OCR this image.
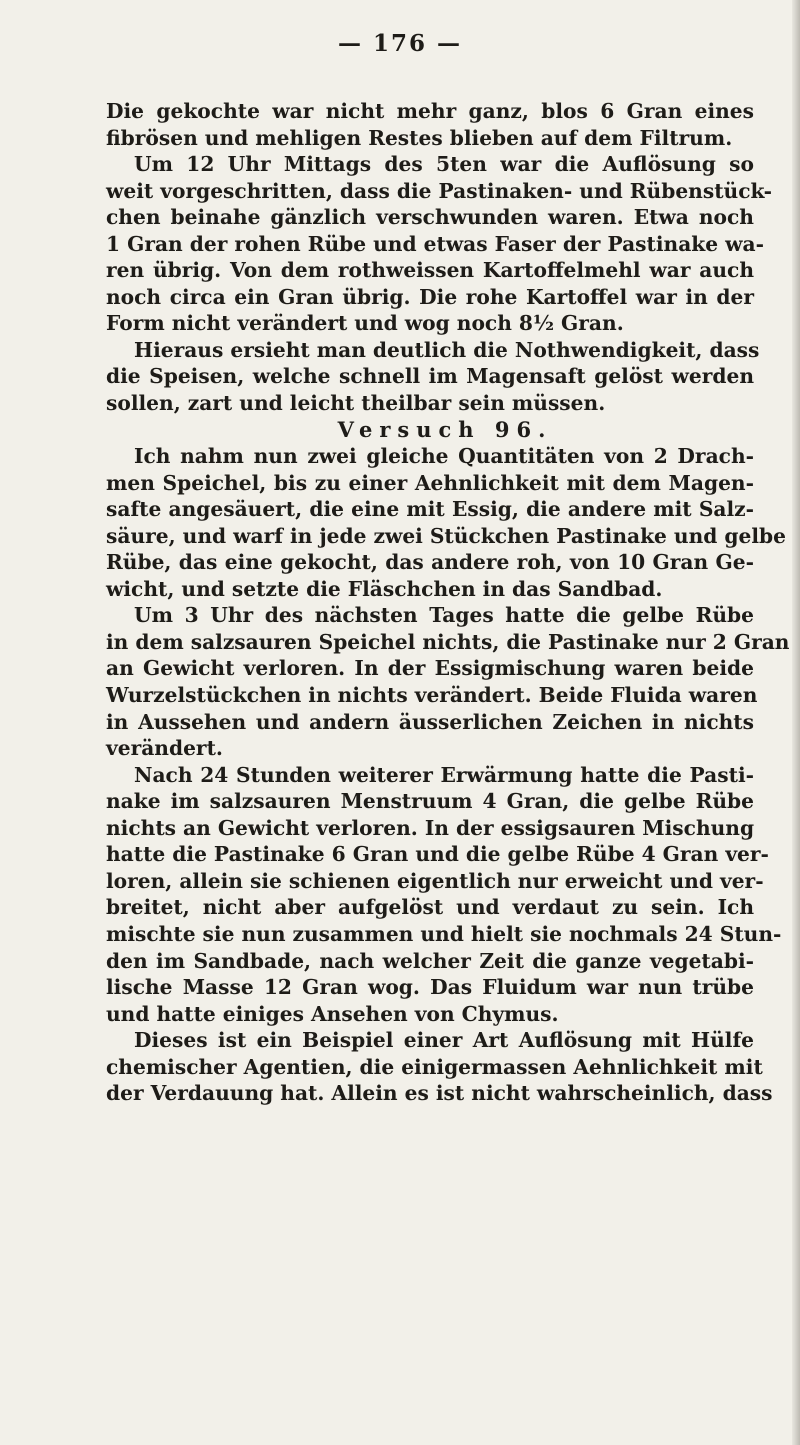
— 176 —
Die gekochte war nicht mehr ganz, blos 6 Gran eines
fibrösen und mehligen Restes blieben auf dem Filtrum.
Um 12 Uhr Mittags des 5ten war die Auflösung so
weit vorgeschritten, dass die Pastinaken- und Rübenstück-
chen beinahe gänzlich verschwunden waren. Etwa noch
1 Gran der rohen Rübe und etwas Faser der Pastinake wa-
ren übrig. Von dem rothweissen Kartoffelmehl war auch
noch circa ein Gran übrig. Die rohe Kartoffel war in der
Form nicht verändert und wog noch 8½ Gran.
Hieraus ersieht man deutlich die Nothwendigkeit, dass
die Speisen, welche schnell im Magensaft gelöst werden
sollen, zart und leicht theilbar sein müssen.
Versuch 96.
Ich nahm nun zwei gleiche Quantitäten von 2 Drach-
men Speichel, bis zu einer Aehnlichkeit mit dem Magen-
safte angesäuert, die eine mit Essig, die andere mit Salz-
säure, und warf in jede zwei Stückchen Pastinake und gelbe
Rübe, das eine gekocht, das andere roh, von 10 Gran Ge-
wicht, und setzte die Fläschchen in das Sandbad.
Um 3 Uhr des nächsten Tages hatte die gelbe Rübe
in dem salzsauren Speichel nichts, die Pastinake nur 2 Gran
an Gewicht verloren. In der Essigmischung waren beide
Wurzelstückchen in nichts verändert. Beide Fluida waren
in Aussehen und andern äusserlichen Zeichen in nichts
verändert.
Nach 24 Stunden weiterer Erwärmung hatte die Pasti-
nake im salzsauren Menstruum 4 Gran, die gelbe Rübe
nichts an Gewicht verloren. In der essigsauren Mischung
hatte die Pastinake 6 Gran und die gelbe Rübe 4 Gran ver-
loren, allein sie schienen eigentlich nur erweicht und ver-
breitet, nicht aber aufgelöst und verdaut zu sein. Ich
mischte sie nun zusammen und hielt sie nochmals 24 Stun-
den im Sandbade, nach welcher Zeit die ganze vegetabi-
lische Masse 12 Gran wog. Das Fluidum war nun trübe
und hatte einiges Ansehen von Chymus.
Dieses ist ein Beispiel einer Art Auflösung mit Hülfe
chemischer Agentien, die einigermassen Aehnlichkeit mit
der Verdauung hat. Allein es ist nicht wahrscheinlich, dass
